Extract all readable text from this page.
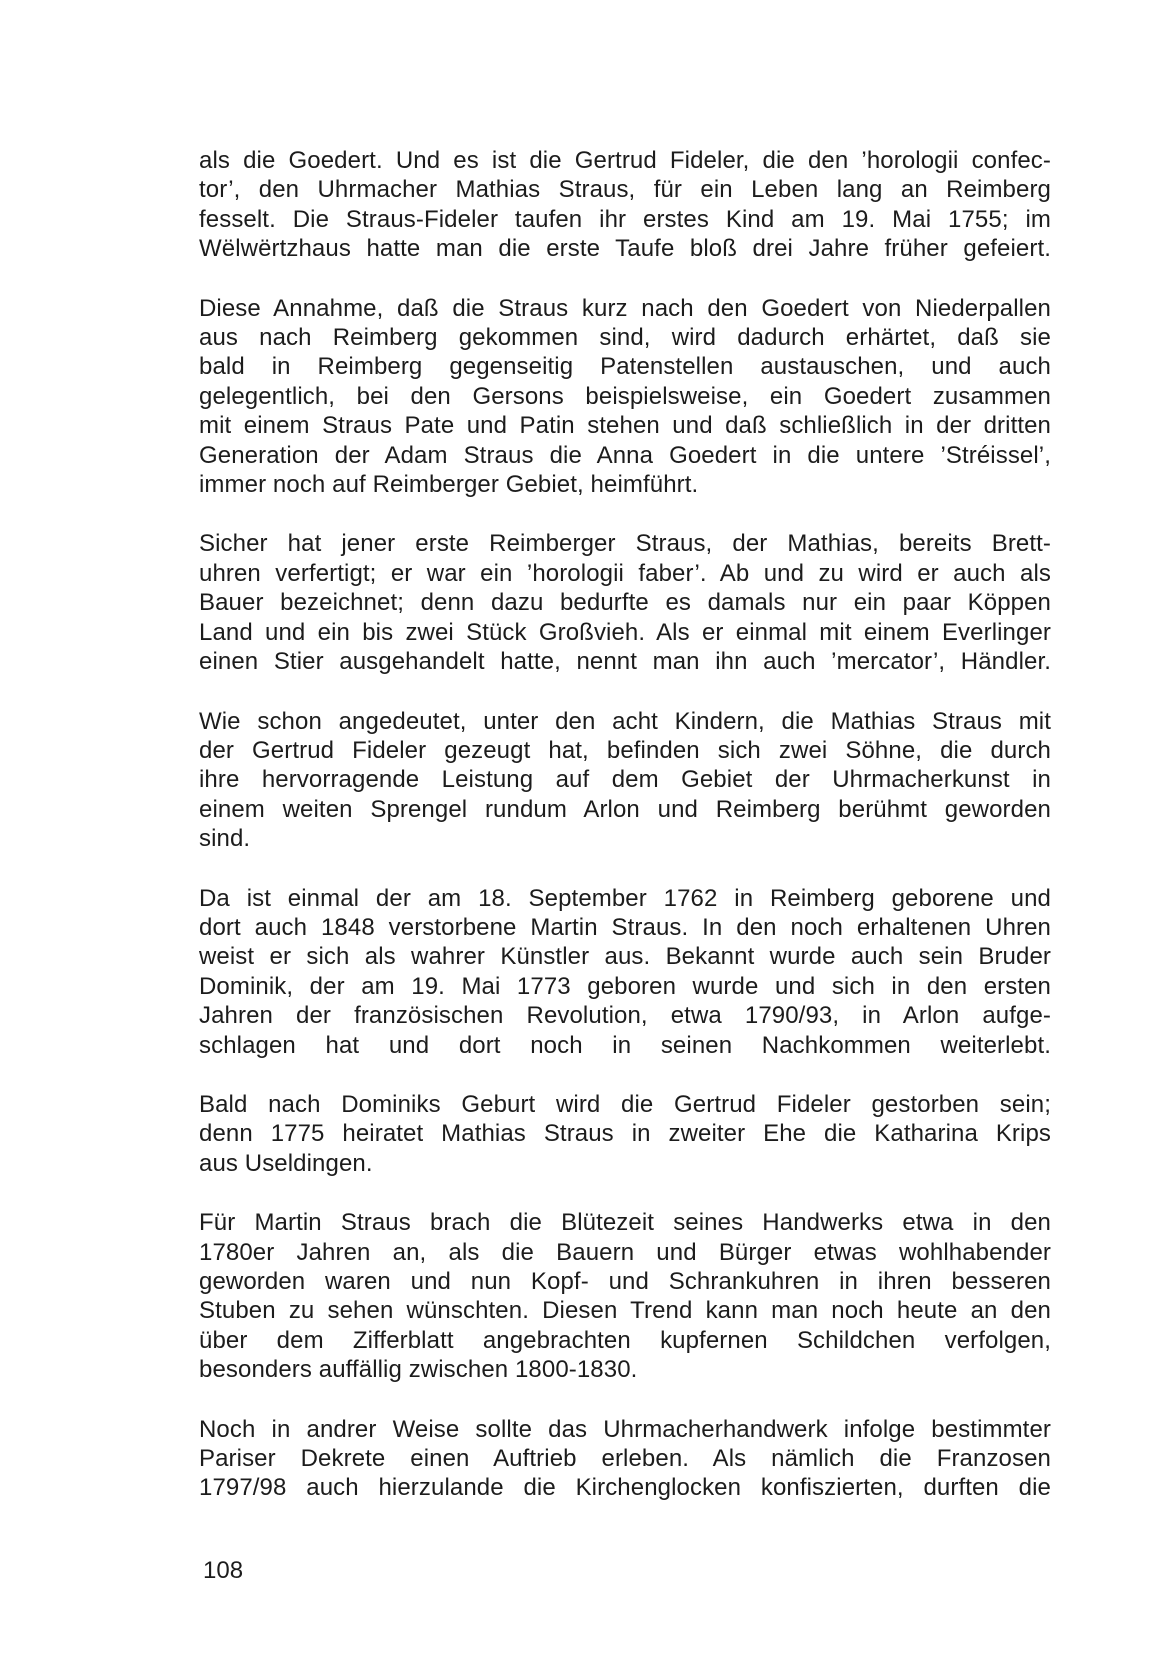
als die Goedert. Und es ist die Gertrud Fideler, die den ’horologii confec-
tor’, den Uhrmacher Mathias Straus, für ein Leben lang an Reimberg
fesselt. Die Straus-Fideler taufen ihr erstes Kind am 19. Mai 1755; im
Wëlwërtzhaus hatte man die erste Taufe bloß drei Jahre früher gefeiert.
Diese Annahme, daß die Straus kurz nach den Goedert von Niederpallen
aus nach Reimberg gekommen sind, wird dadurch erhärtet, daß sie
bald in Reimberg gegenseitig Patenstellen austauschen, und auch
gelegentlich, bei den Gersons beispielsweise, ein Goedert zusammen
mit einem Straus Pate und Patin stehen und daß schließlich in der dritten
Generation der Adam Straus die Anna Goedert in die untere ’Stréissel’,
immer noch auf Reimberger Gebiet, heimführt.
Sicher hat jener erste Reimberger Straus, der Mathias, bereits Brett-
uhren verfertigt; er war ein ’horologii faber’. Ab und zu wird er auch als
Bauer bezeichnet; denn dazu bedurfte es damals nur ein paar Köppen
Land und ein bis zwei Stück Großvieh. Als er einmal mit einem Everlinger
einen Stier ausgehandelt hatte, nennt man ihn auch ’mercator’, Händler.
Wie schon angedeutet, unter den acht Kindern, die Mathias Straus mit
der Gertrud Fideler gezeugt hat, befinden sich zwei Söhne, die durch
ihre hervorragende Leistung auf dem Gebiet der Uhrmacherkunst in
einem weiten Sprengel rundum Arlon und Reimberg berühmt geworden
sind.
Da ist einmal der am 18. September 1762 in Reimberg geborene und
dort auch 1848 verstorbene Martin Straus. In den noch erhaltenen Uhren
weist er sich als wahrer Künstler aus. Bekannt wurde auch sein Bruder
Dominik, der am 19. Mai 1773 geboren wurde und sich in den ersten
Jahren der französischen Revolution, etwa 1790/93, in Arlon aufge-
schlagen hat und dort noch in seinen Nachkommen weiterlebt.
Bald nach Dominiks Geburt wird die Gertrud Fideler gestorben sein;
denn 1775 heiratet Mathias Straus in zweiter Ehe die Katharina Krips
aus Useldingen.
Für Martin Straus brach die Blütezeit seines Handwerks etwa in den
1780er Jahren an, als die Bauern und Bürger etwas wohlhabender
geworden waren und nun Kopf- und Schrankuhren in ihren besseren
Stuben zu sehen wünschten. Diesen Trend kann man noch heute an den
über dem Zifferblatt angebrachten kupfernen Schildchen verfolgen,
besonders auffällig zwischen 1800-1830.
Noch in andrer Weise sollte das Uhrmacherhandwerk infolge bestimmter
Pariser Dekrete einen Auftrieb erleben. Als nämlich die Franzosen
1797/98 auch hierzulande die Kirchenglocken konfiszierten, durften die
108
